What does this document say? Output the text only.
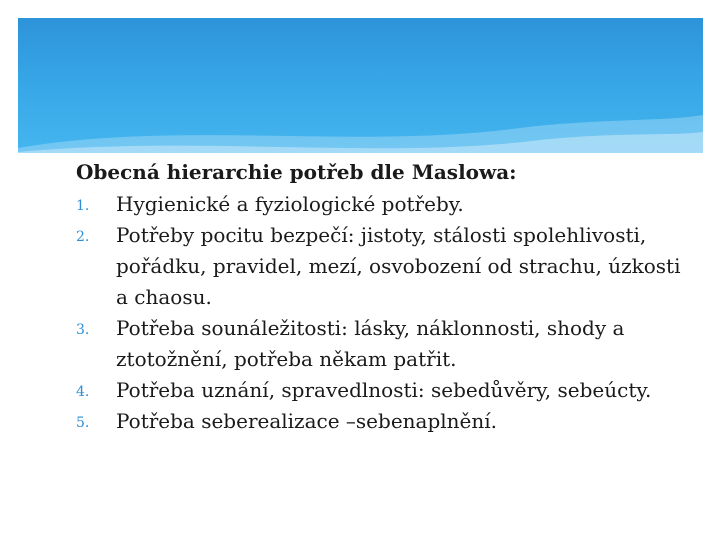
Obecná hierarchie potřeb dle Maslowa:

1.	Hygienické a fyziologické potřeby.
2.	Potřeby pocitu bezpečí: jistoty, stálosti spolehlivosti, pořádku, pravidel, mezí, osvobození od strachu, úzkosti a chaosu.
3.	Potřeba sounáležitosti: lásky, náklonnosti, shody a ztotožnění, potřeba někam patřit.
4.	Potřeba uznání, spravedlnosti: sebedůvěry, sebeúcty.
5.	Potřeba seberealizace –sebenaplnění.
